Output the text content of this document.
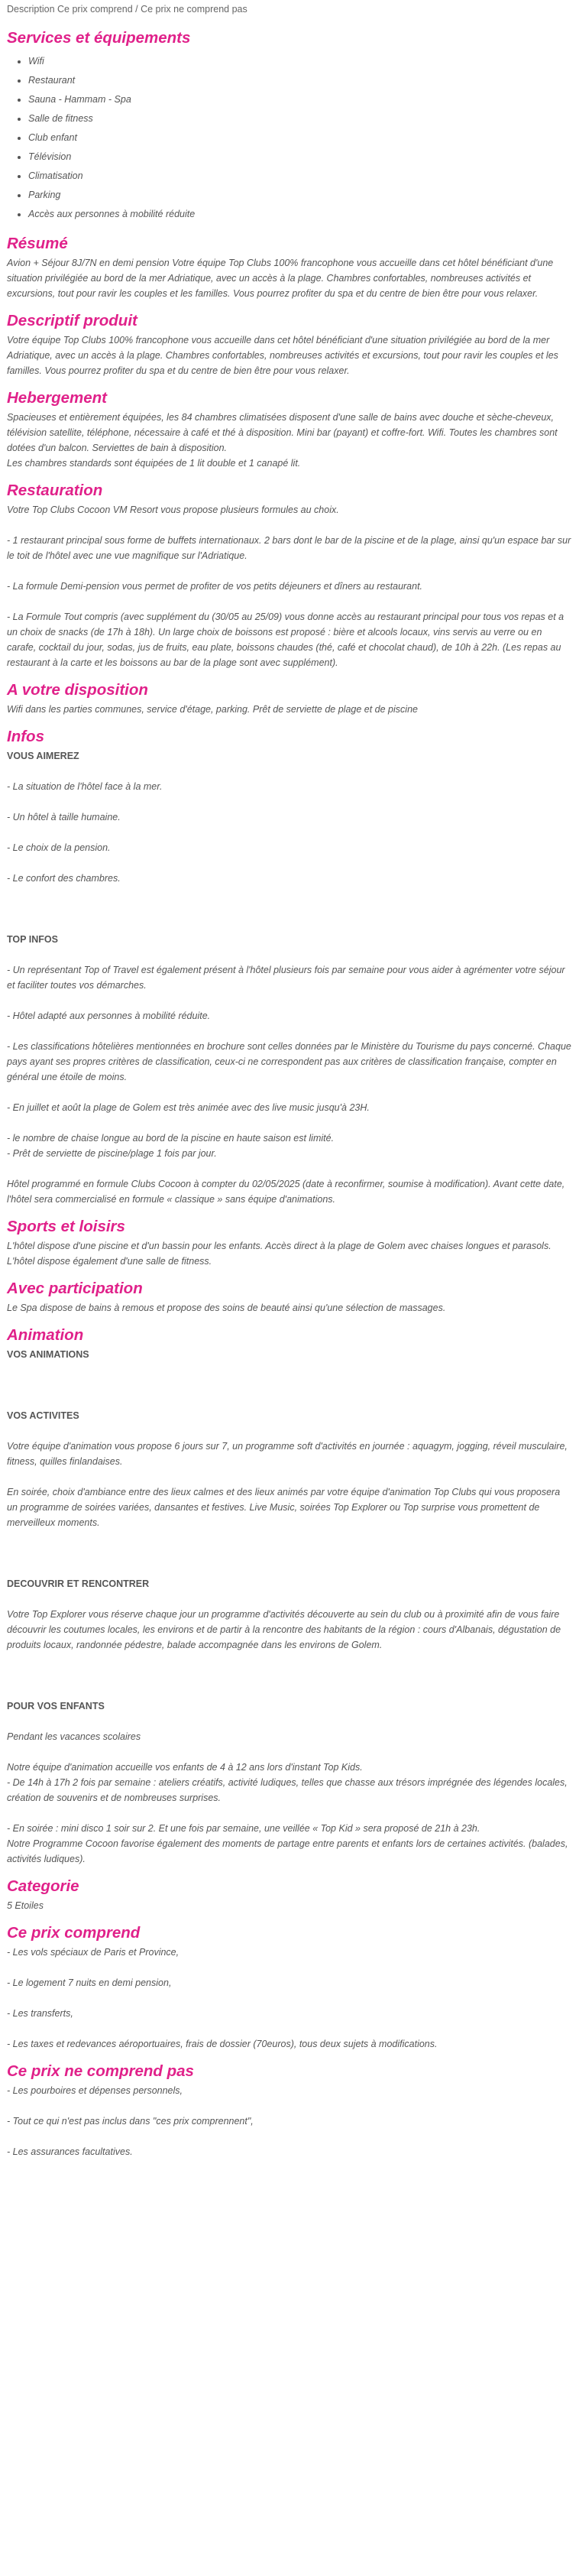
Description Ce prix comprend / Ce prix ne comprend pas

Services et équipements
• Wifi
• Restaurant
• Sauna - Hammam - Spa
• Salle de fitness
• Club enfant
• Télévision
• Climatisation
• Parking
• Accès aux personnes à mobilité réduite
Résumé

Avion + Séjour 8J/7N en demi pension Votre équipe Top Clubs 100% francophone vous accueille dans cet hôtel bénéficiant d'une situation privilégiée au bord de la mer Adriatique, avec un accès à la plage. Chambres confortables, nombreuses activités et excursions, tout pour ravir les couples et les familles. Vous pourrez profiter du spa et du centre de bien être pour vous relaxer.

Descriptif produit

Votre équipe Top Clubs 100% francophone vous accueille dans cet hôtel bénéficiant d'une situation privilégiée au bord de la mer Adriatique, avec un accès à la plage. Chambres confortables, nombreuses activités et excursions, tout pour ravir les couples et les familles. Vous pourrez profiter du spa et du centre de bien être pour vous relaxer.

Hebergement

Spacieuses et entièrement équipées, les 84 chambres climatisées disposent d'une salle de bains avec douche et sèche-cheveux, télévision satellite, téléphone, nécessaire à café et thé à disposition. Mini bar (payant) et coffre-fort. Wifi. Toutes les chambres sont dotées d'un balcon. Serviettes de bain à disposition.

Les chambres standards sont équipées de 1 lit double et 1 canapé lit.

Restauration

Votre Top Clubs Cocoon VM Resort vous propose plusieurs formules au choix.

- 1 restaurant principal sous forme de buffets internationaux. 2 bars dont le bar de la piscine et de la plage, ainsi qu'un espace bar sur le toit de l'hôtel avec une vue magnifique sur l'Adriatique.

- La formule Demi-pension vous permet de profiter de vos petits déjeuners et dîners au restaurant.

- La Formule Tout compris (avec supplément du (30/05 au 25/09) vous donne accès au restaurant principal pour tous vos repas et a un choix de snacks (de 17h à 18h). Un large choix de boissons est proposé : bière et alcools locaux, vins servis au verre ou en carafe, cocktail du jour, sodas, jus de fruits, eau plate, boissons chaudes (thé, café et chocolat chaud), de 10h à 22h. (Les repas au restaurant à la carte et les boissons au bar de la plage sont avec supplément).

A votre disposition

Wifi dans les parties communes, service d'étage, parking. Prêt de serviette de plage et de piscine

Infos

VOUS AIMEREZ

- La situation de l'hôtel face à la mer.

- Un hôtel à taille humaine.

- Le choix de la pension.

- Le confort des chambres.

TOP INFOS

- Un représentant Top of Travel est également présent à l'hôtel plusieurs fois par semaine pour vous aider à agrémenter votre séjour et faciliter toutes vos démarches.

- Hôtel adapté aux personnes à mobilité réduite.

- Les classifications hôtelières mentionnées en brochure sont celles données par le Ministère du Tourisme du pays concerné. Chaque pays ayant ses propres critères de classification, ceux-ci ne correspondent pas aux critères de classification française, compter en général une étoile de moins.

- En juillet et août la plage de Golem est très animée avec des live music jusqu'à 23H.

- le nombre de chaise longue au bord de la piscine en haute saison est limité.

- Prêt de serviette de piscine/plage 1 fois par jour.

Hôtel programmé en formule Clubs Cocoon à compter du 02/05/2025 (date à reconfirmer, soumise à modification). Avant cette date, l'hôtel sera commercialisé en formule « classique » sans équipe d'animations.

Sports et loisirs

L'hôtel dispose d'une piscine et d'un bassin pour les enfants. Accès direct à la plage de Golem avec chaises longues et parasols. L'hôtel dispose également d'une salle de fitness.

Avec participation

Le Spa dispose de bains à remous et propose des soins de beauté ainsi qu'une sélection de massages.

Animation

VOS ANIMATIONS

VOS ACTIVITES

Votre équipe d'animation vous propose 6 jours sur 7, un programme soft d'activités en journée : aquagym, jogging, réveil musculaire, fitness, quilles finlandaises.

En soirée, choix d'ambiance entre des lieux calmes et des lieux animés par votre équipe d'animation Top Clubs qui vous proposera un programme de soirées variées, dansantes et festives. Live Music, soirées Top Explorer ou Top surprise vous promettent de merveilleux moments.

DECOUVRIR ET RENCONTRER

Votre Top Explorer vous réserve chaque jour un programme d'activités découverte au sein du club ou à proximité afin de vous faire découvrir les coutumes locales, les environs et de partir à la rencontre des habitants de la région : cours d'Albanais, dégustation de produits locaux, randonnée pédestre, balade accompagnée dans les environs de Golem.

POUR VOS ENFANTS

Pendant les vacances scolaires

Notre équipe d'animation accueille vos enfants de 4 à 12 ans lors d'instant Top Kids.

- De 14h à 17h 2 fois par semaine : ateliers créatifs, activité ludiques, telles que chasse aux trésors imprégnée des légendes locales, création de souvenirs et de nombreuses surprises.

- En soirée : mini disco 1 soir sur 2. Et une fois par semaine, une veillée « Top Kid » sera proposé de 21h à 23h.

Notre Programme Cocoon favorise également des moments de partage entre parents et enfants lors de certaines activités. (balades, activités ludiques).

Categorie

5 Etoiles

Ce prix comprend

- Les vols spéciaux de Paris et Province,

- Le logement 7 nuits en demi pension,

- Les transferts,

- Les taxes et redevances aéroportuaires, frais de dossier (70euros), tous deux sujets à modifications.

Ce prix ne comprend pas

- Les pourboires et dépenses personnels,

- Tout ce qui n'est pas inclus dans "ces prix comprennent",

- Les assurances facultatives.
